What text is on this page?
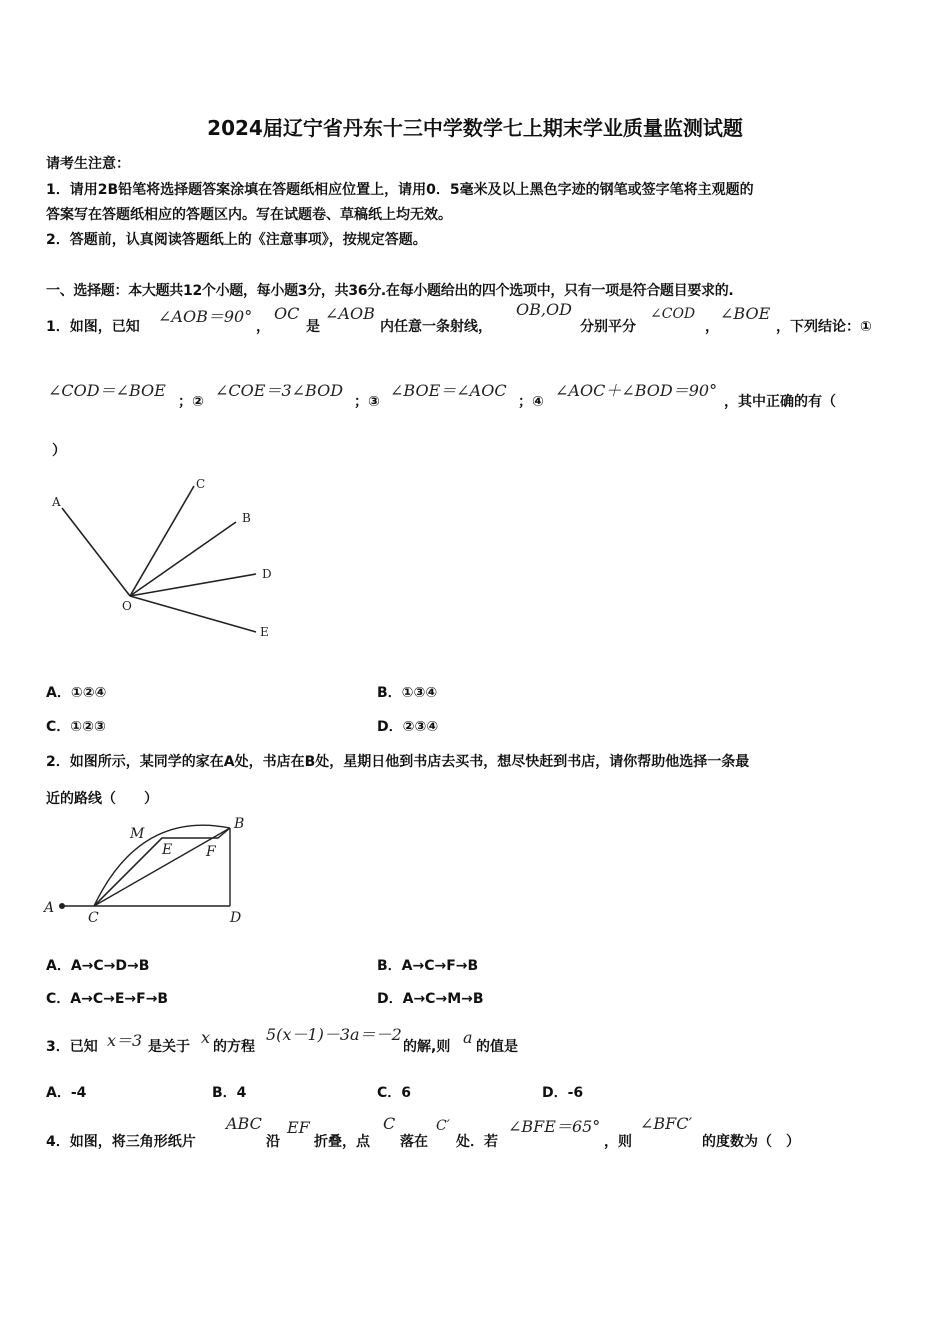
2024届辽宁省丹东十三中学数学七上期末学业质量监测试题
请考生注意：
1．请用2B铅笔将选择题答案涂填在答题纸相应位置上，请用0．5毫米及以上黑色字迹的钢笔或签字笔将主观题的
答案写在答题纸相应的答题区内。写在试题卷、草稿纸上均无效。
2．答题前，认真阅读答题纸上的《注意事项》，按规定答题。
一、选择题：本大题共12个小题，每小题3分，共36分.在每小题给出的四个选项中，只有一项是符合题目要求的.
1．如图，已知
∠AOB＝90°
，
OC
是
∠AOB
内任意一条射线，
OB,OD
分别平分
∠COD
，
∠BOE
，下列结论：①
∠COD＝∠BOE
；②
∠COE＝3∠BOD
；③
∠BOE＝∠AOC
；④
∠AOC＋∠BOD＝90°
，其中正确的有（
）
A
C
B
D
E
O
A．①②④	B．①③④
C．①②③	D．②③④
2．如图所示，某同学的家在A处，书店在B处，星期日他到书店去买书，想尽快赶到书店，请你帮助他选择一条最
近的路线（　　）
A
B
C	D
E F
M
A．A→C→D→B	B．A→C→F→B
C．A→C→E→F→B	D．A→C→M→B
3．已知 x＝3 是关于 x 的方程
5(x－1)－3a＝－2
的解,则 a 的值是
A．-4	B．4	C．6	D．-6
4．如图，将三角形纸片
ABC
沿
EF
折叠，点
C
落在
C′
处．若
∠BFE＝65°
，则
∠BFC′
的度数为（　）
